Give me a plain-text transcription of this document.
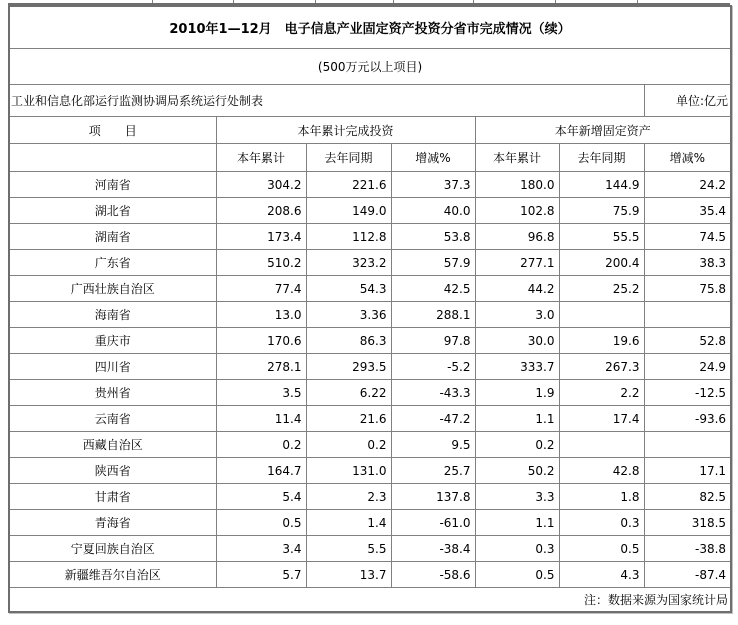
2010年1—12月　电子信息产业固定资产投资分省市完成情况（续）						
(500万元以上项目)						
工业和信息化部运行监测协调局系统运行处制表						单位:亿元
项　　目	本年累计完成投资			本年新增固定资产		
	本年累计	去年同期	增减%	本年累计	去年同期	增减%
河南省	304.2	221.6	37.3	180.0	144.9	24.2
湖北省	208.6	149.0	40.0	102.8	75.9	35.4
湖南省	173.4	112.8	53.8	96.8	55.5	74.5
广东省	510.2	323.2	57.9	277.1	200.4	38.3
广西壮族自治区	77.4	54.3	42.5	44.2	25.2	75.8
海南省	13.0	3.36	288.1	3.0		
重庆市	170.6	86.3	97.8	30.0	19.6	52.8
四川省	278.1	293.5	-5.2	333.7	267.3	24.9
贵州省	3.5	6.22	-43.3	1.9	2.2	-12.5
云南省	11.4	21.6	-47.2	1.1	17.4	-93.6
西藏自治区	0.2	0.2	9.5	0.2		
陕西省	164.7	131.0	25.7	50.2	42.8	17.1
甘肃省	5.4	2.3	137.8	3.3	1.8	82.5
青海省	0.5	1.4	-61.0	1.1	0.3	318.5
宁夏回族自治区	3.4	5.5	-38.4	0.3	0.5	-38.8
新疆维吾尔自治区	5.7	13.7	-58.6	0.5	4.3	-87.4
注：数据来源为国家统计局						
